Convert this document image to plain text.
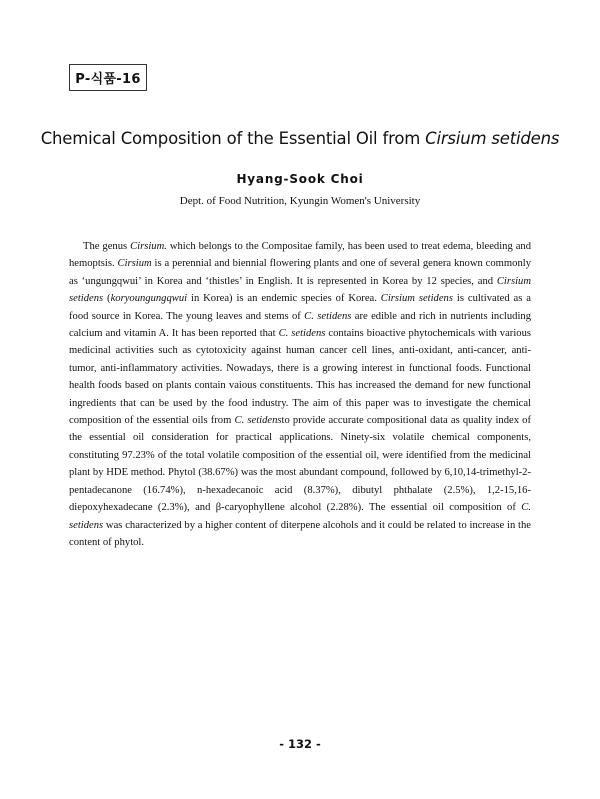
P-식품-16
Chemical Composition of the Essential Oil from Cirsium setidens
Hyang-Sook Choi
Dept. of Food Nutrition, Kyungin Women's University

The genus Cirsium. which belongs to the Compositae family, has been used to treat edema, bleeding and hemoptsis. Cirsium is a perennial and biennial flowering plants and one of several genera known commonly as ‘ungungqwui’ in Korea and ‘thistles’ in English. It is represented in Korea by 12 species, and Cirsium setidens (koryoungungqwui in Korea) is an endemic species of Korea. Cirsium setidens is cultivated as a food source in Korea. The young leaves and stems of C. setidens are edible and rich in nutrients including calcium and vitamin A. It has been reported that C. setidens contains bioactive phytochemicals with various medicinal activities such as cytotoxicity against human cancer cell lines, anti-oxidant, anti-cancer, anti-tumor, anti-inflammatory activities. Nowadays, there is a growing interest in functional foods. Functional health foods based on plants contain vaious constituents. This has increased the demand for new functional ingredients that can be used by the food industry. The aim of this paper was to investigate the chemical composition of the essential oils from C. setidensto provide accurate compositional data as quality index of the essential oil consideration for practical applications. Ninety-six volatile chemical components, constituting 97.23% of the total volatile composition of the essential oil, were identified from the medicinal plant by HDE method. Phytol (38.67%) was the most abundant compound, followed by 6,10,14-trimethyl-2-pentadecanone (16.74%), n-hexadecanoic acid (8.37%), dibutyl phthalate (2.5%), 1,2-15,16-diepoxyhexadecane (2.3%), and β-caryophyllene alcohol (2.28%). The essential oil composition of C. setidens was characterized by a higher content of diterpene alcohols and it could be related to increase in the content of phytol.

- 132 -
